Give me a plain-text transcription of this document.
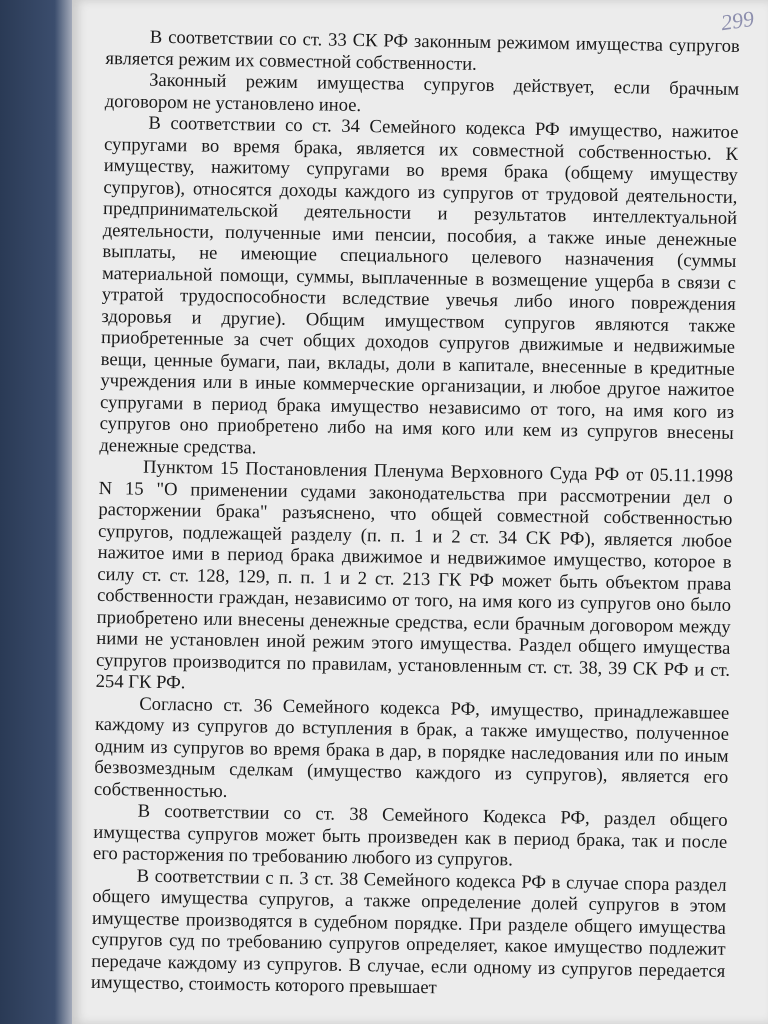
299

В соответствии со ст. 33 СК РФ законным режимом имущества супругов является режим их совместной собственности.

Законный режим имущества супругов действует, если брачным договором не установлено иное.

В соответствии со ст. 34 Семейного кодекса РФ имущество, нажитое супругами во время брака, является их совместной собственностью. К имуществу, нажитому супругами во время брака (общему имуществу супругов), относятся доходы каждого из супругов от трудовой деятельности, предпринимательской деятельности и результатов интеллектуальной деятельности, полученные ими пенсии, пособия, а также иные денежные выплаты, не имеющие специального целевого назначения (суммы материальной помощи, суммы, выплаченные в возмещение ущерба в связи с утратой трудоспособности вследствие увечья либо иного повреждения здоровья и другие). Общим имуществом супругов являются также приобретенные за счет общих доходов супругов движимые и недвижимые вещи, ценные бумаги, паи, вклады, доли в капитале, внесенные в кредитные учреждения или в иные коммерческие организации, и любое другое нажитое супругами в период брака имущество независимо от того, на имя кого из супругов оно приобретено либо на имя кого или кем из супругов внесены денежные средства.

Пунктом 15 Постановления Пленума Верховного Суда РФ от 05.11.1998 N 15 "О применении судами законодательства при рассмотрении дел о расторжении брака" разъяснено, что общей совместной собственностью супругов, подлежащей разделу (п. п. 1 и 2 ст. 34 СК РФ), является любое нажитое ими в период брака движимое и недвижимое имущество, которое в силу ст. ст. 128, 129, п. п. 1 и 2 ст. 213 ГК РФ может быть объектом права собственности граждан, независимо от того, на имя кого из супругов оно было приобретено или внесены денежные средства, если брачным договором между ними не установлен иной режим этого имущества. Раздел общего имущества супругов производится по правилам, установленным ст. ст. 38, 39 СК РФ и ст. 254 ГК РФ.

Согласно ст. 36 Семейного кодекса РФ, имущество, принадлежавшее каждому из супругов до вступления в брак, а также имущество, полученное одним из супругов во время брака в дар, в порядке наследования или по иным безвозмездным сделкам (имущество каждого из супругов), является его собственностью.

В соответствии со ст. 38 Семейного Кодекса РФ, раздел общего имущества супругов может быть произведен как в период брака, так и после его расторжения по требованию любого из супругов.

В соответствии с п. 3 ст. 38 Семейного кодекса РФ в случае спора раздел общего имущества супругов, а также определение долей супругов в этом имуществе производятся в судебном порядке. При разделе общего имущества супругов суд по требованию супругов определяет, какое имущество подлежит передаче каждому из супругов. В случае, если одному из супругов передается имущество, стоимость которого превышает
